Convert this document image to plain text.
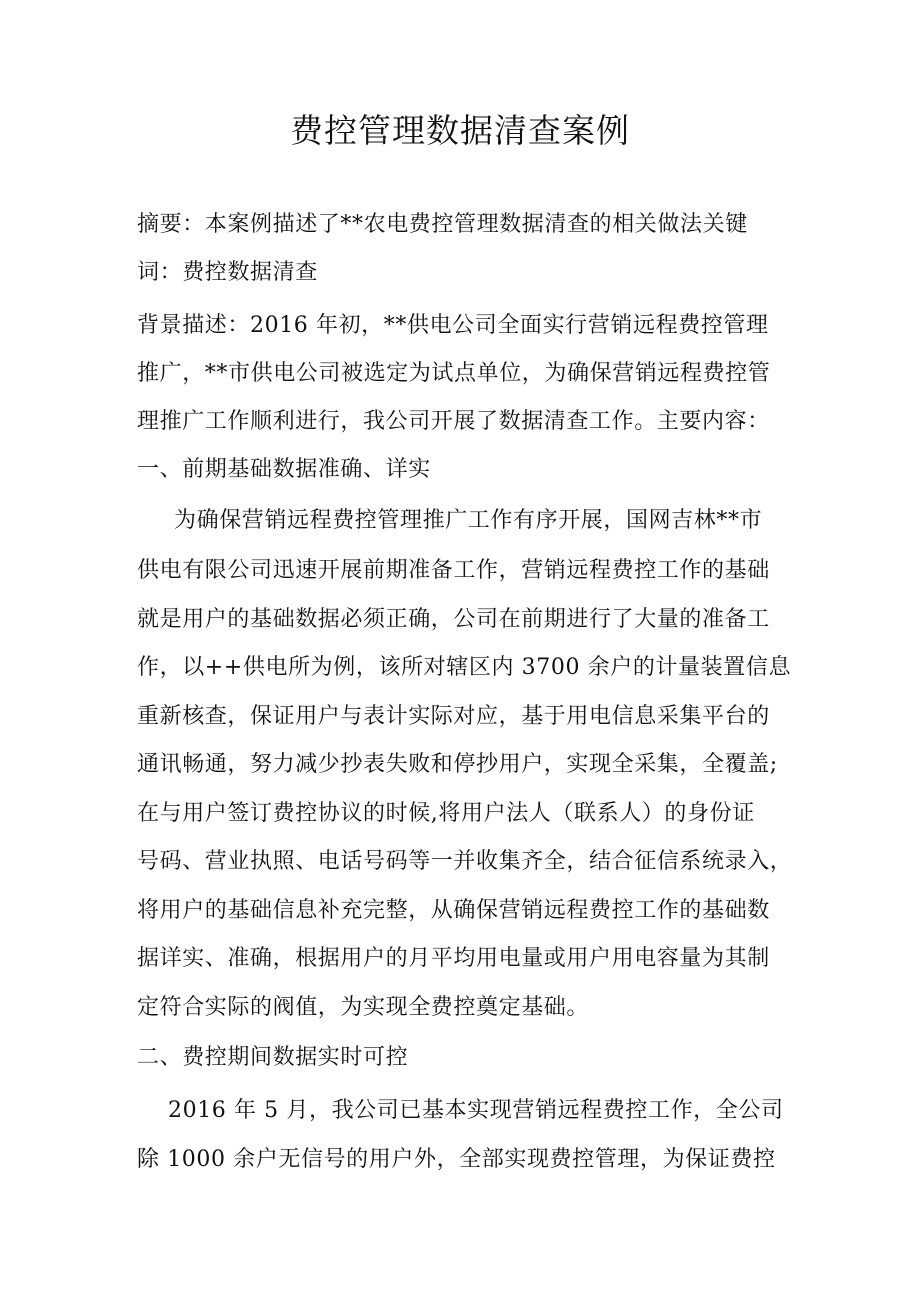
费控管理数据清查案例
摘要：本案例描述了**农电费控管理数据清查的相关做法关键
词：费控数据清查
背景描述：2016 年初，**供电公司全面实行营销远程费控管理
推广，**市供电公司被选定为试点单位，为确保营销远程费控管
理推广工作顺利进行，我公司开展了数据清查工作。主要内容：
一、前期基础数据准确、详实
为确保营销远程费控管理推广工作有序开展，国网吉林**市
供电有限公司迅速开展前期准备工作，营销远程费控工作的基础
就是用户的基础数据必须正确，公司在前期进行了大量的准备工
作，以++供电所为例，该所对辖区内 3700 余户的计量装置信息
重新核查，保证用户与表计实际对应，基于用电信息采集平台的
通讯畅通，努力减少抄表失败和停抄用户，实现全采集，全覆盖;
在与用户签订费控协议的时候,将用户法人（联系人）的身份证
号码、营业执照、电话号码等一并收集齐全，结合征信系统录入，
将用户的基础信息补充完整，从确保营销远程费控工作的基础数
据详实、准确，根据用户的月平均用电量或用户用电容量为其制
定符合实际的阀值，为实现全费控奠定基础。
二、费控期间数据实时可控
2016 年 5 月，我公司已基本实现营销远程费控工作，全公司
除 1000 余户无信号的用户外，全部实现费控管理，为保证费控
